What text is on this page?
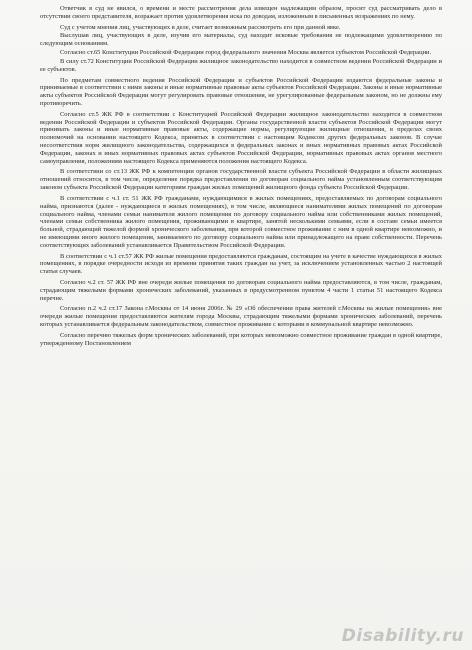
Ответчик в суд не явился, о времени и месте рассмотрения дела извещен надлежащим образом, просит суд рассматривать дело в отсутствии своего представителя, возражает против удовлетворения иска по доводам, изложенным в письменных возражениях по нему.

Суд с учетом мнения лиц, участвующих в деле, считает возможным рассмотреть его при данной явке.

Выслушав лиц, участвующих в деле, изучив его материалы, суд находит исковые требования не подлежащими удовлетворению по следующим основаниям.

Согласно ст.65 Конституции Российской Федерации город федерального значения Москва является субъектом Российской Федерации.

В силу ст.72 Конституции Российской Федерации жилищное законодательство находится в совместном ведении Российской Федерации и ее субъектов.

По предметам совместного ведения Российской Федерации и субъектов Российской Федерации издаются федеральные законы и принимаемые в соответствии с ними законы и иные нормативные правовые акты субъектов Российской Федерации. Законы и иные нормативные акты субъектов Российской Федерации могут регулировать правовые отношения, не урегулированные федеральным законом, но не должны ему противоречить.

Согласно ст.5 ЖК РФ в соответствии с Конституцией Российской Федерации жилищное законодательство находится в совместном ведении Российской Федерации и субъектов Российской Федерации. Органы государственной власти субъектов Российской Федерации могут принимать законы и иные нормативные правовые акты, содержащие нормы, регулирующие жилищные отношения, в пределах своих полномочий на основании настоящего Кодекса, принятых в соответствии с настоящим Кодексом других федеральных законов. В случае несоответствия норм жилищного законодательства, содержащихся в федеральных законах и иных нормативных правовых актах Российской Федерации, законах и иных нормативных правовых актах субъектов Российской Федерации, нормативных правовых актах органов местного самоуправления, положениям настоящего Кодекса применяются положения настоящего Кодекса.

В соответствии со ст.13 ЖК РФ к компетенции органов государственной власти субъекта Российской Федерации в области жилищных отношений относится, в том числе, определение порядка предоставления по договорам социального найма установленным соответствующим законом субъекта Российской Федерации категориям граждан жилых помещений жилищного фонда субъекта Российской Федерации.

В соответствии с ч.1 ст. 51 ЖК РФ гражданами, нуждающимися в жилых помещениях, предоставляемых по договорам социального найма, признаются (далее - нуждающиеся в жилых помещениях), в том числе, являющиеся нанимателями жилых помещений по договорам социального найма, членами семьи нанимателя жилого помещения по договору социального найма или собственниками жилых помещений, членами семьи собственника жилого помещения, проживающими в квартире, занятой несколькими семьями, если в составе семьи имеется больной, страдающий тяжелой формой хронического заболевания, при которой совместное проживание с ним в одной квартире невозможно, и не имеющими иного жилого помещения, занимаемого по договору социального найма или принадлежащего на праве собственности. Перечень соответствующих заболеваний устанавливается Правительством Российской Федерации.

В соответствии с ч.1 ст.57 ЖК РФ жилые помещения предоставляются гражданам, состоящим на учете в качестве нуждающихся в жилых помещениях, в порядке очередности исходя из времени принятия таких граждан на учет, за исключением установленных частью 2 настоящей статьи случаев.

Согласно ч.2 ст. 57 ЖК РФ вне очереди жилые помещения по договорам социального найма предоставляются, в том числе, гражданам, страдающим тяжелыми формами хронических заболеваний, указанных в предусмотренном пунктом 4 части 1 статьи 51 настоящего Кодекса перечне.

Согласно п.2 ч.2 ст.17 Закона г.Москвы от 14 июня 2006г. № 29 «Об обеспечении права жителей г.Москвы на жилые помещения» вне очереди жилые помещения предоставляются жителям города Москвы, страдающим тяжелыми формами хронических заболеваний, перечень которых устанавливается федеральным законодательством, совместное проживание с которыми в коммунальной квартире невозможно.

Согласно перечню тяжелых форм хронических заболеваний, при которых невозможно совместное проживание граждан в одной квартире, утвержденному Постановлением

Disability.ru
